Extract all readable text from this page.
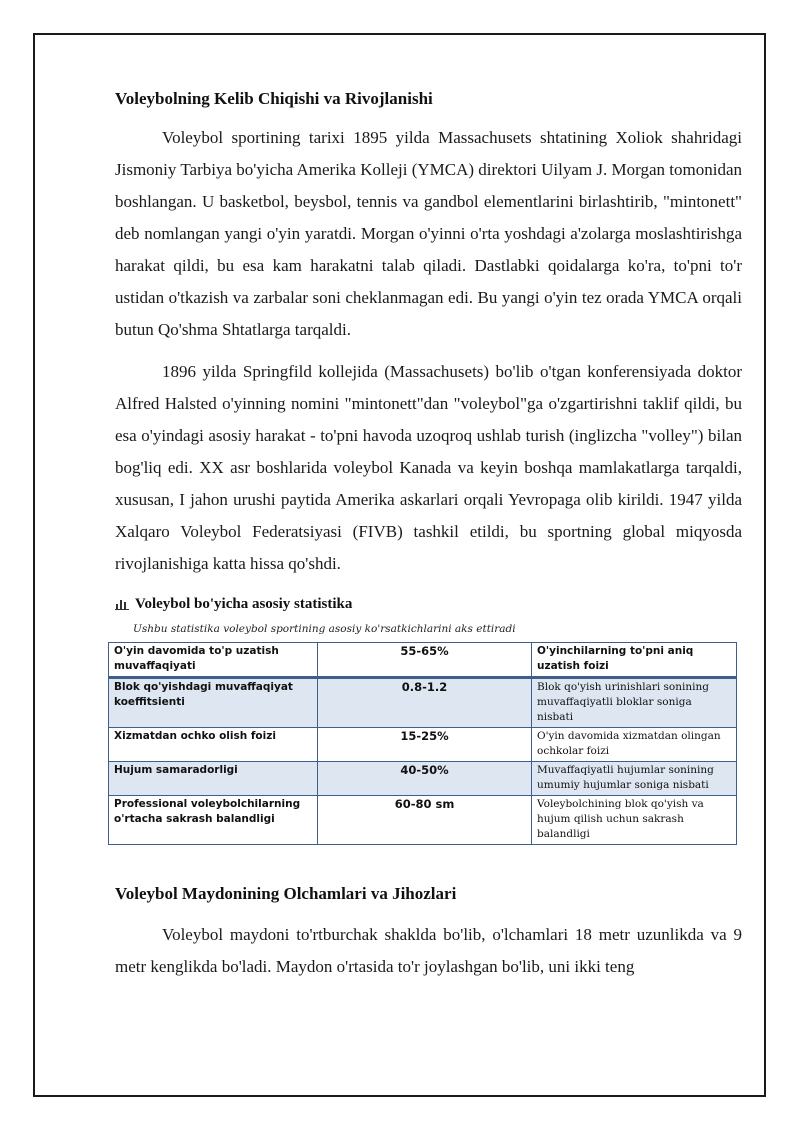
Voleybolning Kelib Chiqishi va Rivojlanishi

Voleybol sportining tarixi 1895 yilda Massachusets shtatining Xoliok shahridagi Jismoniy Tarbiya bo'yicha Amerika Kolleji (YMCA) direktori Uilyam J. Morgan tomonidan boshlangan. U basketbol, beysbol, tennis va gandbol elementlarini birlashtirib, "mintonett" deb nomlangan yangi o'yin yaratdi. Morgan o'yinni o'rta yoshdagi a'zolarga moslashtirishga harakat qildi, bu esa kam harakatni talab qiladi. Dastlabki qoidalarga ko'ra, to'pni to'r ustidan o'tkazish va zarbalar soni cheklanmagan edi. Bu yangi o'yin tez orada YMCA orqali butun Qo'shma Shtatlarga tarqaldi.

1896 yilda Springfild kollejida (Massachusets) bo'lib o'tgan konferensiyada doktor Alfred Halsted o'yinning nomini "mintonett"dan "voleybol"ga o'zgartirishni taklif qildi, bu esa o'yindagi asosiy harakat - to'pni havoda uzoqroq ushlab turish (inglizcha "volley") bilan bog'liq edi. XX asr boshlarida voleybol Kanada va keyin boshqa mamlakatlarga tarqaldi, xususan, I jahon urushi paytida Amerika askarlari orqali Yevropaga olib kirildi. 1947 yilda Xalqaro Voleybol Federatsiyasi (FIVB) tashkil etildi, bu sportning global miqyosda rivojlanishiga katta hissa qo'shdi.

Voleybol bo'yicha asosiy statistika
Ushbu statistika voleybol sportining asosiy ko'rsatkichlarini aks ettiradi
O'yin davomida to'p uzatish muvaffaqiyati	55-65%	O'yinchilarning to'pni aniq uzatish foizi
Blok qo'yishdagi muvaffaqiyat koeffitsienti	0.8-1.2	Blok qo'yish urinishlari sonining muvaffaqiyatli bloklar soniga nisbati
Xizmatdan ochko olish foizi	15-25%	O'yin davomida xizmatdan olingan ochkolar foizi
Hujum samaradorligi	40-50%	Muvaffaqiyatli hujumlar sonining umumiy hujumlar soniga nisbati
Professional voleybolchilarning o'rtacha sakrash balandligi	60-80 sm	Voleybolchining blok qo'yish va hujum qilish uchun sakrash balandligi
Voleybol Maydonining Olchamlari va Jihozlari

Voleybol maydoni to'rtburchak shaklda bo'lib, o'lchamlari 18 metr uzunlikda va 9 metr kenglikda bo'ladi. Maydon o'rtasida to'r joylashgan bo'lib, uni ikki teng
